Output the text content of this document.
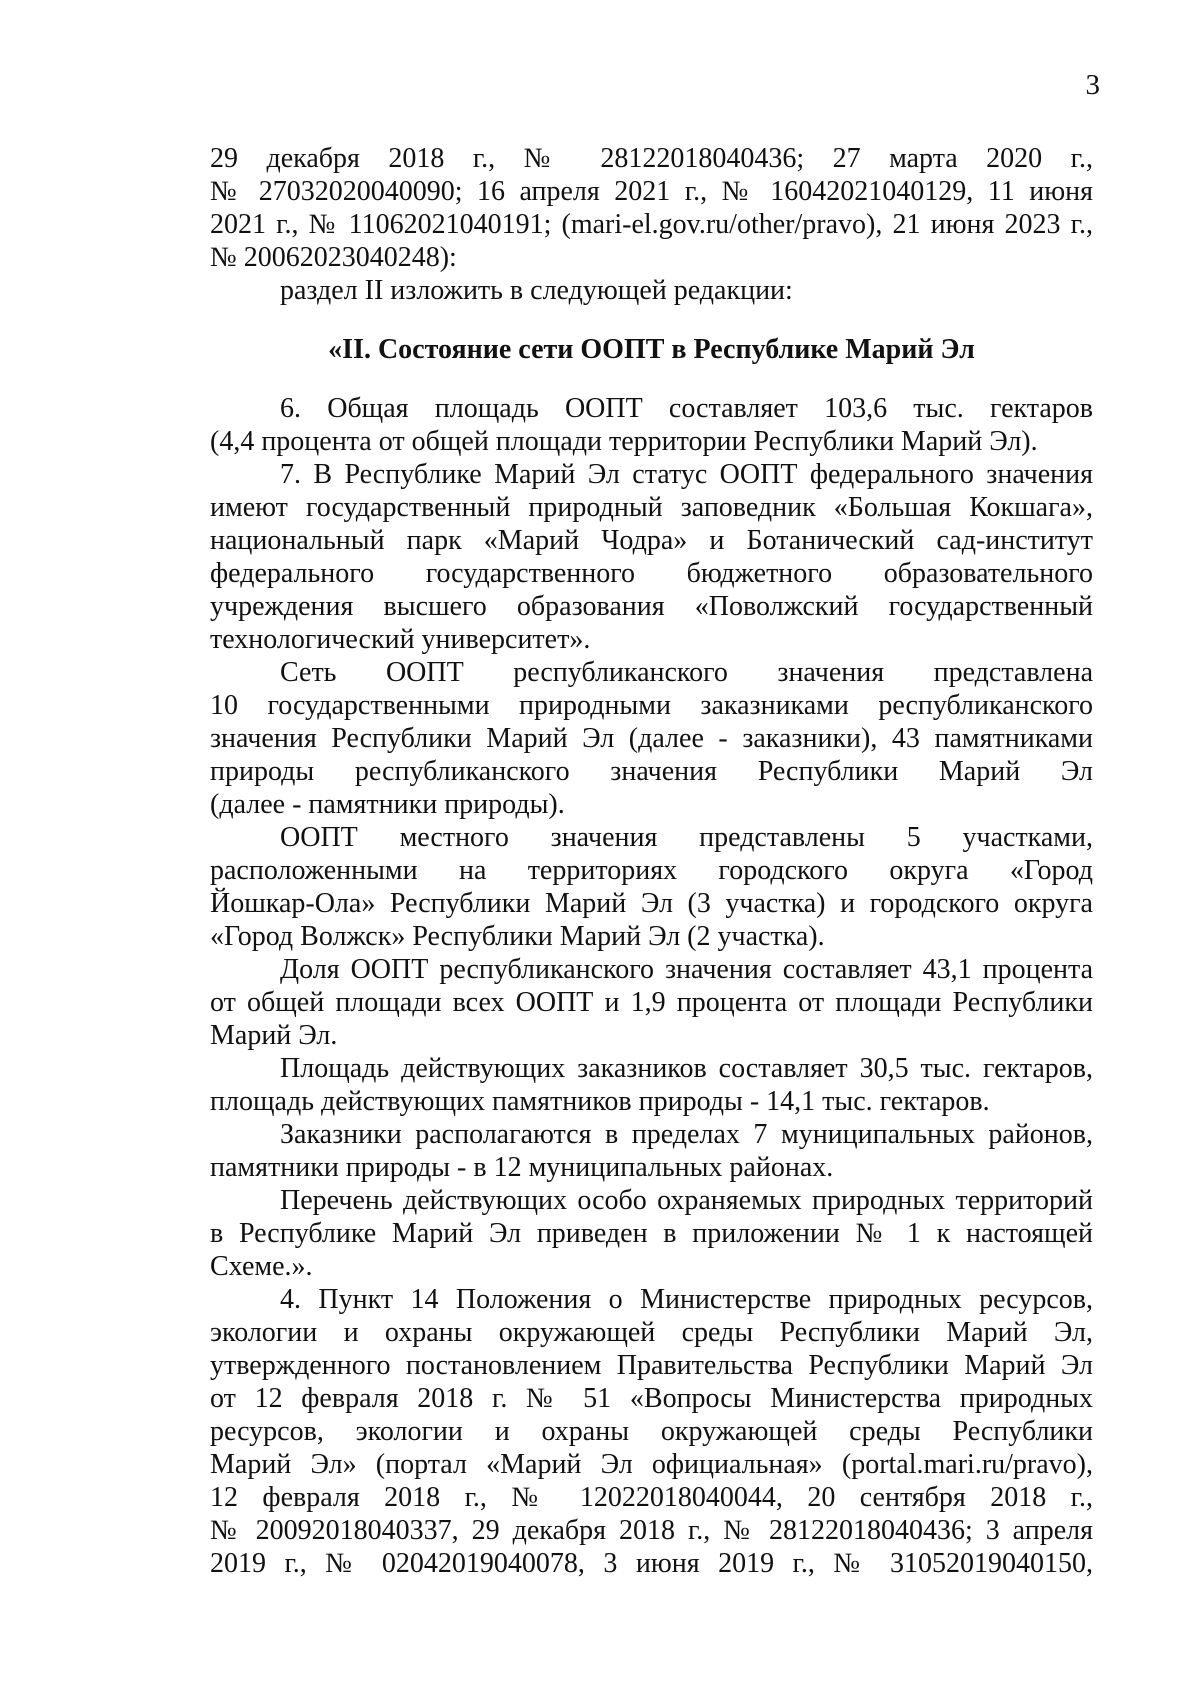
3
29 декабря 2018 г., № 28122018040436; 27 марта 2020 г.,
№ 27032020040090; 16 апреля 2021 г., № 16042021040129, 11 июня
2021 г., № 11062021040191; (mari-el.gov.ru/other/pravo), 21 июня 2023 г.,
№ 20062023040248):
раздел II изложить в следующей редакции:
«II. Состояние сети ООПТ в Республике Марий Эл
6. Общая площадь ООПТ составляет 103,6 тыс. гектаров
(4,4 процента от общей площади территории Республики Марий Эл).
7. В Республике Марий Эл статус ООПТ федерального значения
имеют государственный природный заповедник «Большая Кокшага»,
национальный парк «Марий Чодра» и Ботанический сад-институт
федерального государственного бюджетного образовательного
учреждения высшего образования «Поволжский государственный
технологический университет».
Сеть ООПТ республиканского значения представлена
10 государственными природными заказниками республиканского
значения Республики Марий Эл (далее - заказники), 43 памятниками
природы республиканского значения Республики Марий Эл
(далее - памятники природы).
ООПТ местного значения представлены 5 участками,
расположенными на территориях городского округа «Город
Йошкар-Ола» Республики Марий Эл (3 участка) и городского округа
«Город Волжск» Республики Марий Эл (2 участка).
Доля ООПТ республиканского значения составляет 43,1 процента
от общей площади всех ООПТ и 1,9 процента от площади Республики
Марий Эл.
Площадь действующих заказников составляет 30,5 тыс. гектаров,
площадь действующих памятников природы - 14,1 тыс. гектаров.
Заказники располагаются в пределах 7 муниципальных районов,
памятники природы - в 12 муниципальных районах.
Перечень действующих особо охраняемых природных территорий
в Республике Марий Эл приведен в приложении № 1 к настоящей
Схеме.».
4. Пункт 14 Положения о Министерстве природных ресурсов,
экологии и охраны окружающей среды Республики Марий Эл,
утвержденного постановлением Правительства Республики Марий Эл
от 12 февраля 2018 г. № 51 «Вопросы Министерства природных
ресурсов, экологии и охраны окружающей среды Республики
Марий Эл» (портал «Марий Эл официальная» (portal.mari.ru/pravo),
12 февраля 2018 г., № 12022018040044, 20 сентября 2018 г.,
№ 20092018040337, 29 декабря 2018 г., № 28122018040436; 3 апреля
2019 г., № 02042019040078, 3 июня 2019 г., № 31052019040150,
